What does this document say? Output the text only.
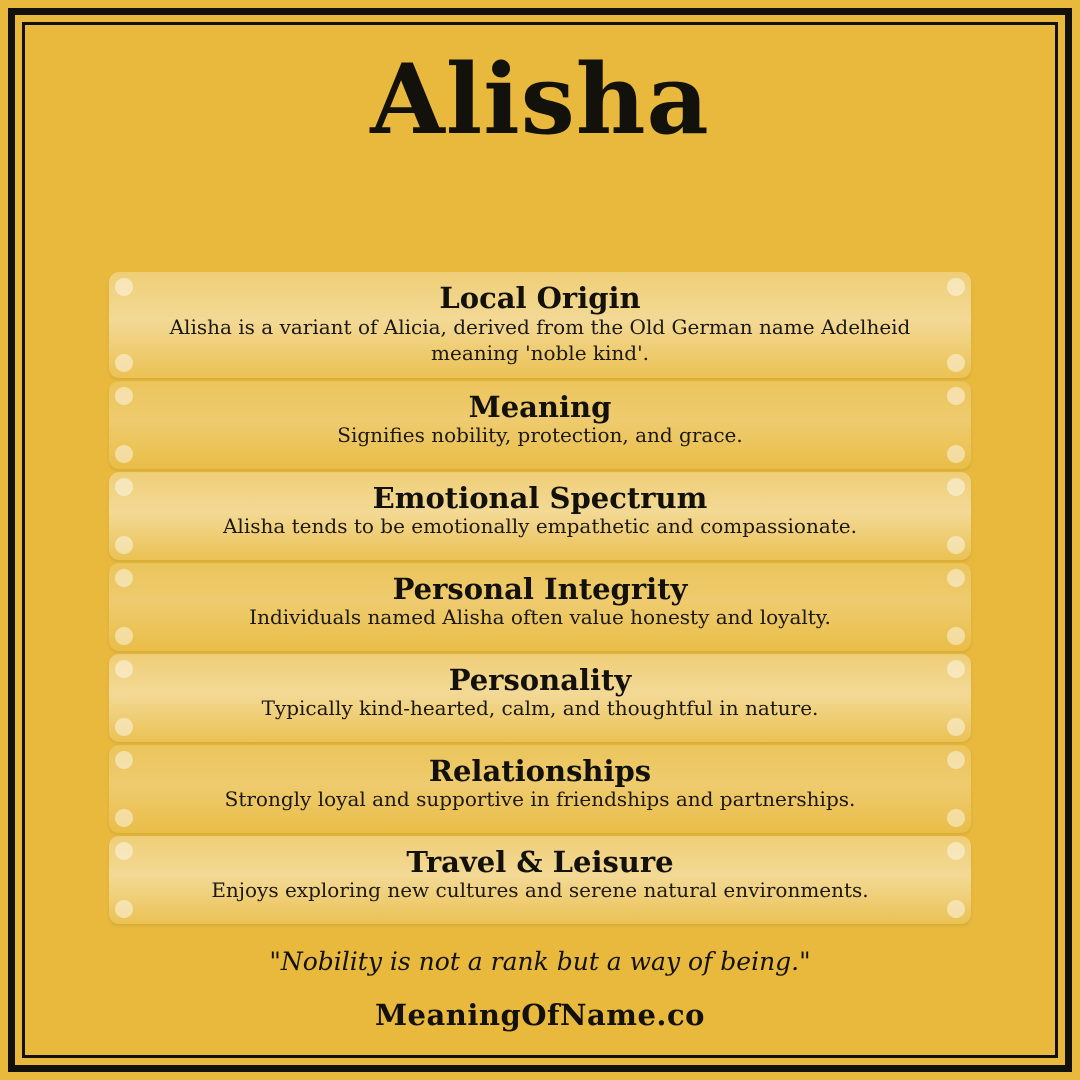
Alisha

Local Origin

Alisha is a variant of Alicia, derived from the Old German name Adelheid meaning 'noble kind'.

Meaning

Signifies nobility, protection, and grace.

Emotional Spectrum

Alisha tends to be emotionally empathetic and compassionate.

Personal Integrity

Individuals named Alisha often value honesty and loyalty.

Personality

Typically kind-hearted, calm, and thoughtful in nature.

Relationships

Strongly loyal and supportive in friendships and partnerships.

Travel & Leisure

Enjoys exploring new cultures and serene natural environments.

"Nobility is not a rank but a way of being."

MeaningOfName.co
